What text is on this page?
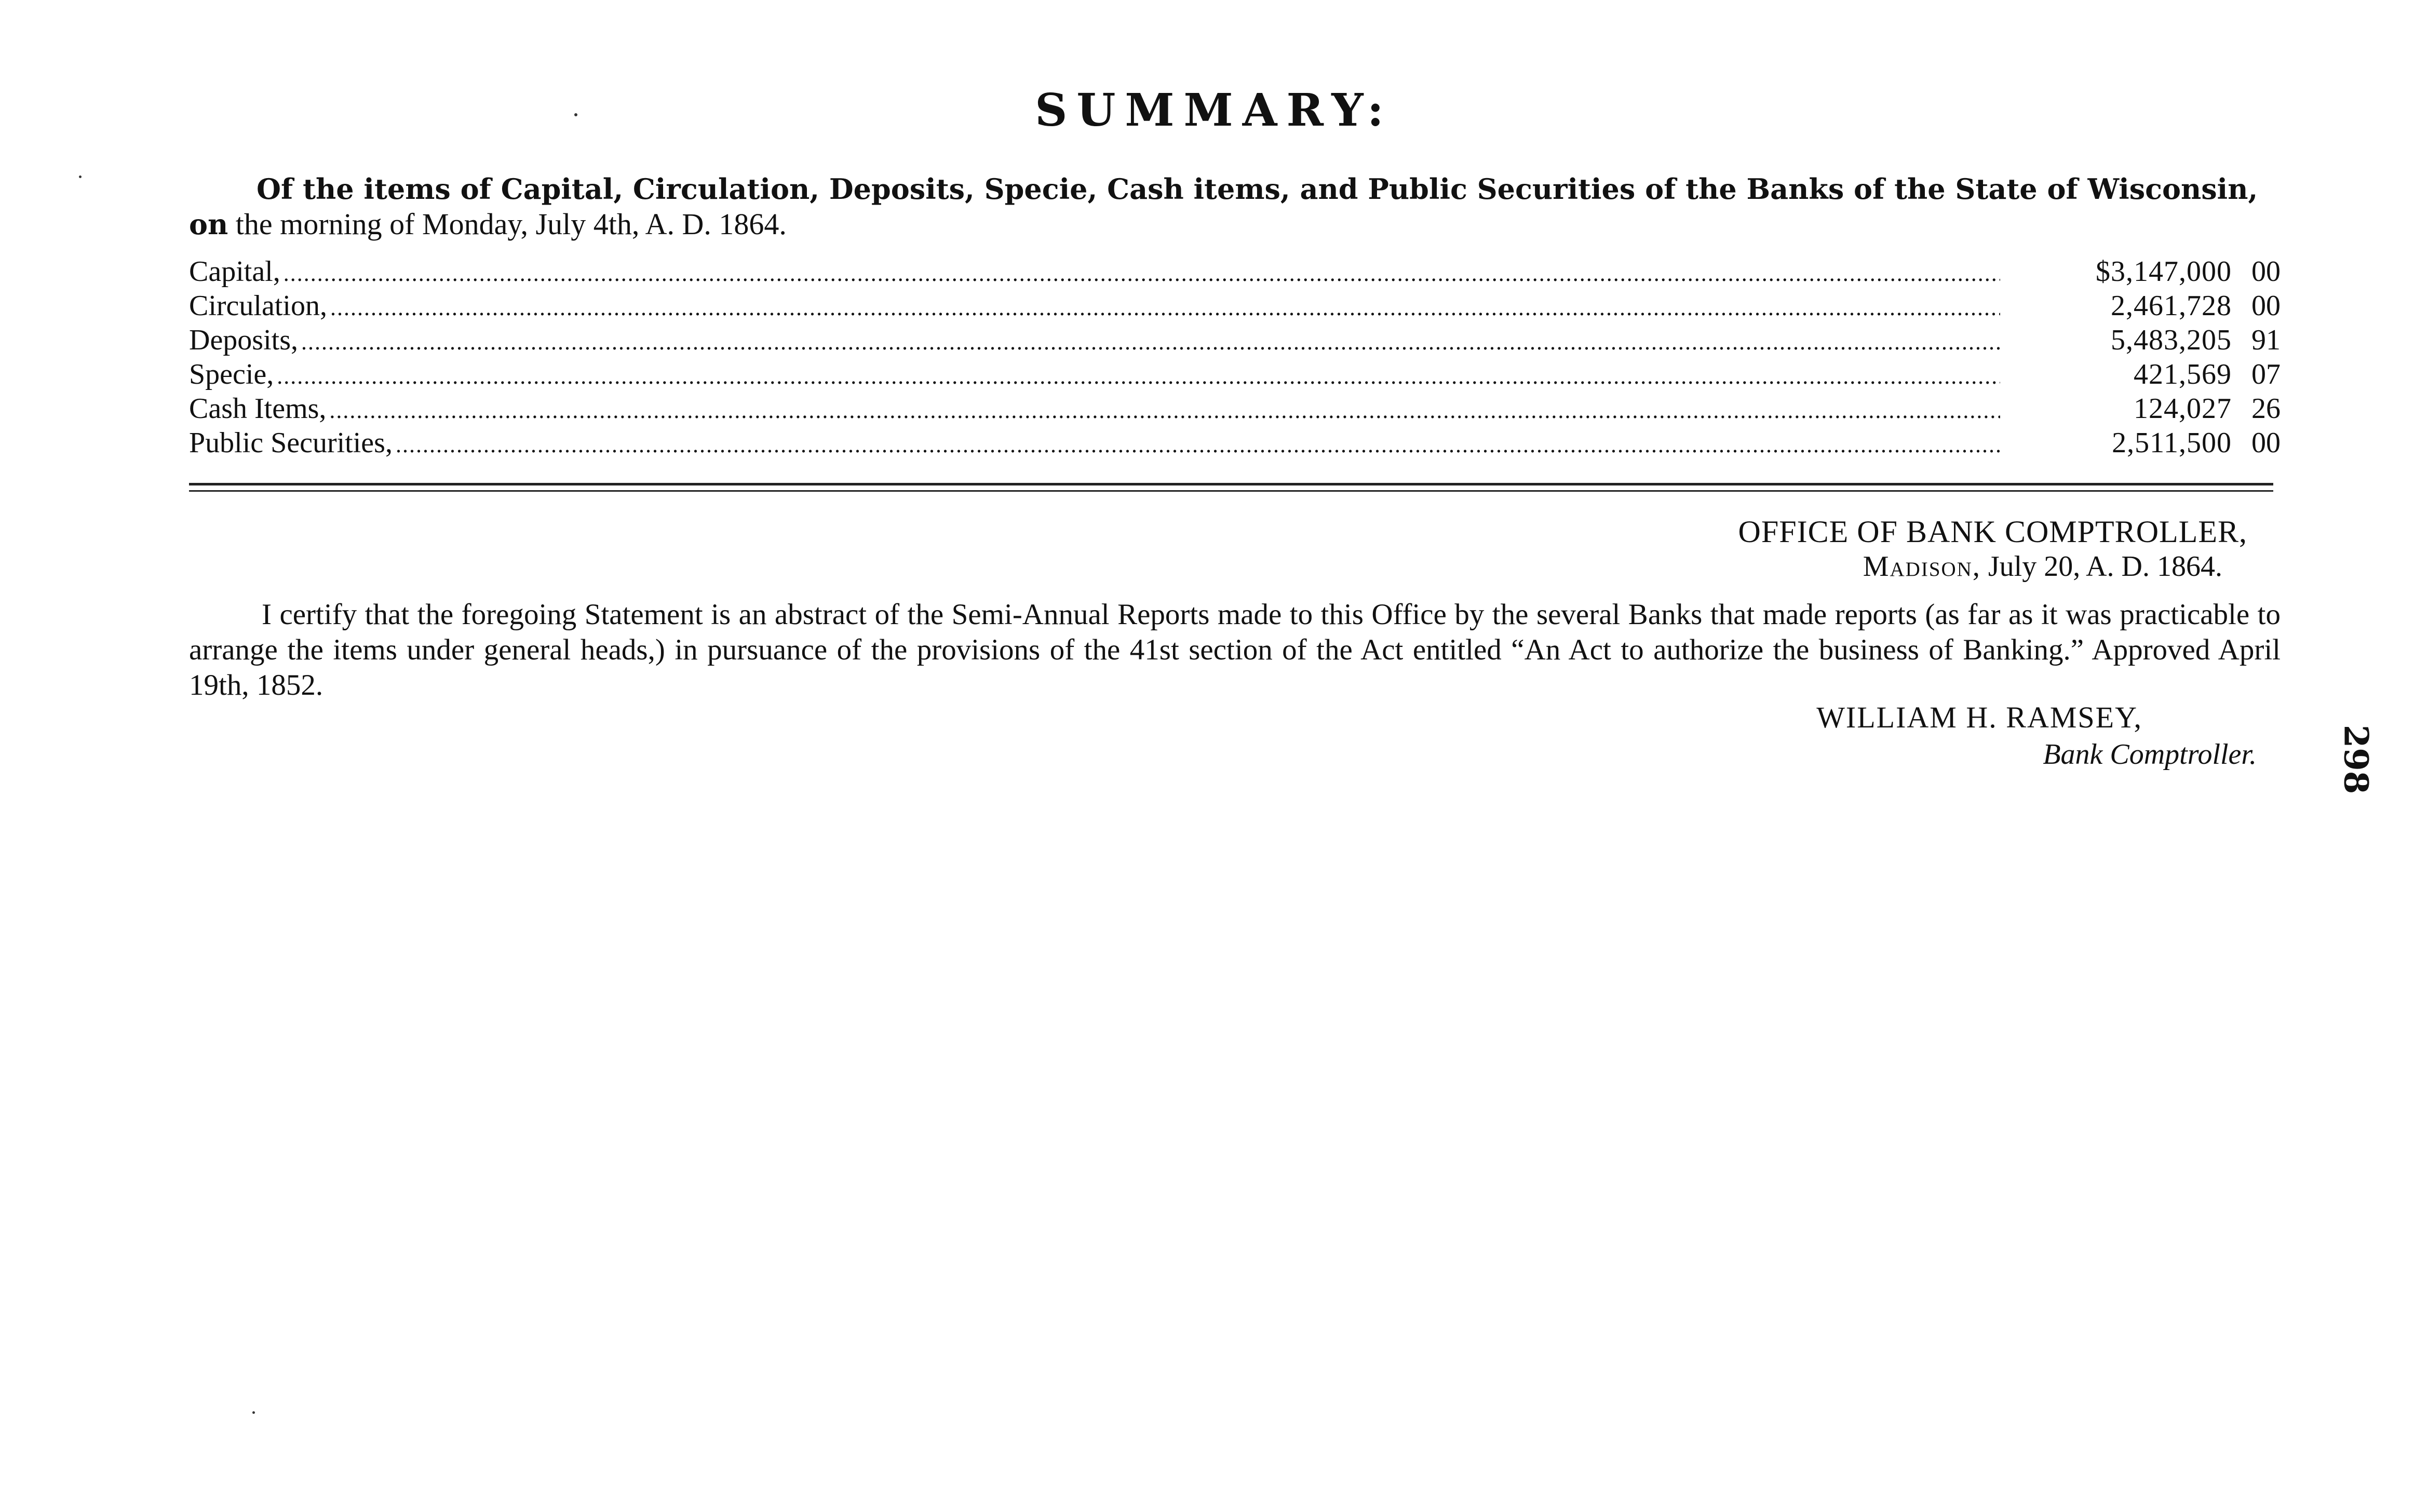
SUMMARY:
Of the items of Capital, Circulation, Deposits, Specie, Cash items, and Public Securities of the Banks of the State of Wisconsin, on the morning of Monday, July 4th, A. D. 1864.
Capital, .....	$3,147,000 00
Circulation, .....	2,461,728 00
Deposits, .....	5,483,205 91
Specie, .....	421,569 07
Cash Items, .....	124,027 26
Public Securities, .....	2,511,500 00
OFFICE OF BANK COMPTROLLER,
Madison, July 20, A. D. 1864.
I certify that the foregoing Statement is an abstract of the Semi-Annual Reports made to this Office by the several Banks that made reports (as far as it was practicable to arrange the items under general heads,) in pursuance of the provisions of the 41st section of the Act entitled “An Act to authorize the business of Banking.” Approved April 19th, 1852.
WILLIAM H. RAMSEY,
Bank Comptroller. 298
